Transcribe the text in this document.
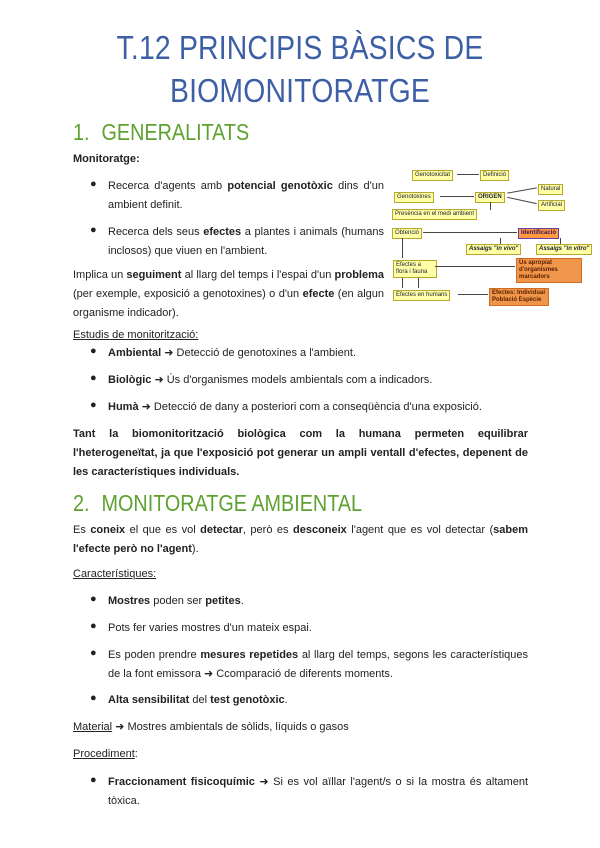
T.12 PRINCIPIS BÀSICS DE
BIOMONITORATGE
1. GENERALITATS
Monitoratge:
● Recerca d'agents amb potencial genotòxic dins d'un ambient definit.
● Recerca dels seus efectes a plantes i animals (humans inclosos) que viuen en l'ambient.
Implica un seguiment al llarg del temps i l'espai d'un problema (per exemple, exposició a genotoxines) o d'un efecte (en algun organisme indicador).
Genotoxicitat	Definició
Genotoxines	ORIGEN
Natural
Artificial
Presència en el medi ambient
Obtenció	Identificació
Assaigs "in vivo"	Assaigs "in vitro"
Efectes a flora i fauna
Ús apropiat d'organismes marcadors
Efectes en humans	Efectes: Individual Població Espècie
Estudis de monitorització:
● Ambiental ➜ Detecció de genotoxines a l'ambient.
● Biològic ➜ Ús d'organismes models ambientals com a indicadors.
● Humà ➜ Detecció de dany a posteriori com a conseqüència d'una exposició.
Tant la biomonitorització biològica com la humana permeten equilibrar l'heterogeneïtat, ja que l'exposició pot generar un ampli ventall d'efectes, depenent de les característiques individuals.
2. MONITORATGE AMBIENTAL
Es coneix el que es vol detectar, però es desconeix l'agent que es vol detectar (sabem l'efecte però no l'agent).
Característiques:
● Mostres poden ser petites.
● Pots fer varies mostres d'un mateix espai.
● Es poden prendre mesures repetides al llarg del temps, segons les característiques de la font emissora ➜ Ccomparació de diferents moments.
● Alta sensibilitat del test genotòxic.
Material ➜ Mostres ambientals de sòlids, líquids o gasos
Procediment:
● Fraccionament fisicoquímic ➜ Si es vol aïllar l'agent/s o si la mostra és altament tòxica.
